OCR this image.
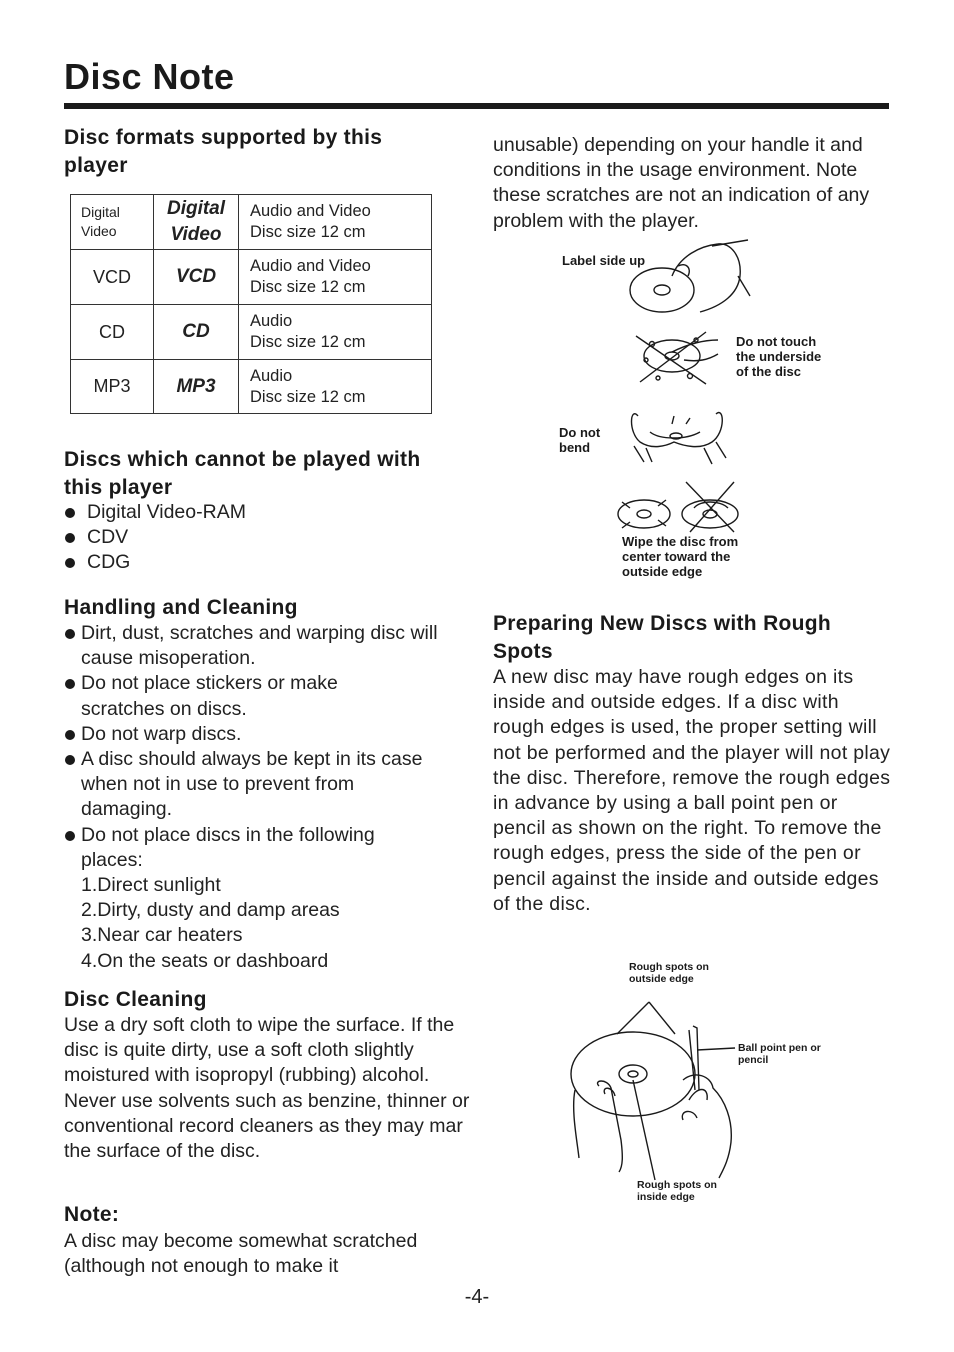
Disc Note
Disc formats supported by this player
Digital Video	Digital Video	Audio and Video
Disc size 12 cm

VCD	VCD	Audio and Video
Disc size 12 cm

CD	CD	Audio
Disc size 12 cm

MP3	MP3	Audio
Disc size 12 cm
Discs which cannot be played with this player
Digital Video-RAM
CDV
CDG
Handling and Cleaning
Dirt, dust, scratches and warping disc will cause misoperation.
Do not place stickers or make scratches on discs.
Do not warp discs.
A disc should always be kept in its case when not in use to prevent from damaging.
Do not place discs in the following places:
1.Direct sunlight
2.Dirty, dusty and damp areas
3.Near car heaters
4.On the seats or dashboard
Disc Cleaning
Use a dry soft cloth to wipe the surface. If the disc is quite dirty, use a soft cloth slightly moistured with isopropyl (rubbing) alcohol. Never use solvents such as benzine, thinner or conventional record cleaners as they may mar the surface of the disc.
Note:
A disc may become somewhat scratched (although not enough to make it
unusable) depending on your handle it and conditions in the usage environment. Note these scratches are not an indication of any problem with the player.
Label side up
Do not touch the underside of the disc
Do not bend
Wipe the disc from center toward the outside edge
Preparing New Discs with Rough Spots
A new disc may have rough edges on its inside and outside edges. If a disc with rough edges is used, the proper setting will not be performed and the player will not play the disc. Therefore, remove the rough edges in advance by using a ball point pen or pencil as shown on the right. To remove the rough edges, press the side of the pen or pencil against the inside and outside edges of the disc.
Rough spots on outside edge
Ball point pen or pencil
Rough spots on inside edge
-4-
